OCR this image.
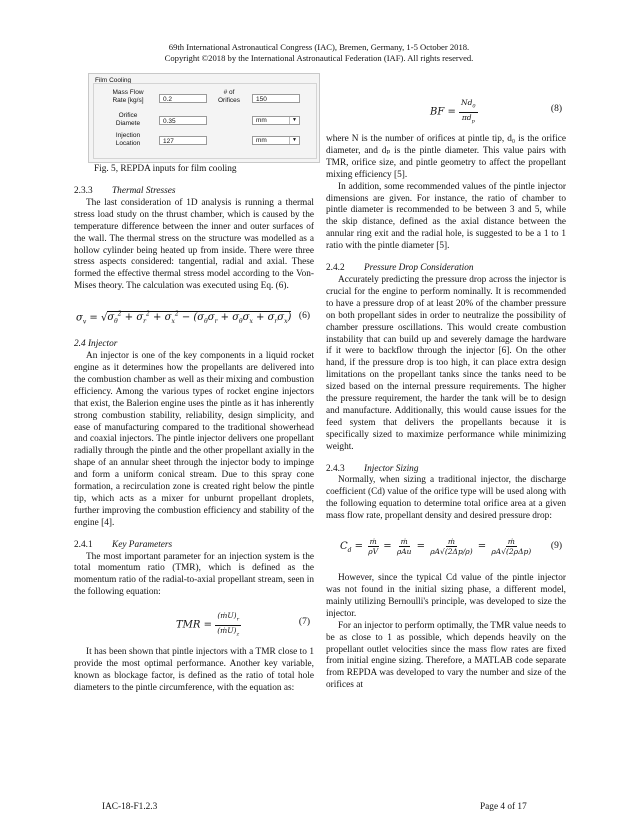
69th International Astronautical Congress (IAC), Bremen, Germany, 1-5 October 2018.
Copyright ©2018 by the International Astronautical Federation (IAF). All rights reserved.
Film Cooling
Mass Flow
Rate [kg/s]	0.2
# of
Orifices	150
Orifice
Diamete	0.35	mm	▼
Injection
Location	127	mm	▼
Fig. 5, REPDA inputs for film cooling

2.3.3 Thermal Stresses

The last consideration of 1D analysis is running a thermal stress load study on the thrust chamber, which is caused by the temperature difference between the inner and outer surfaces of the wall. The thermal stress on the structure was modelled as a hollow cylinder being heated up from inside. There were three stress aspects considered: tangential, radial and axial. These formed the effective thermal stress model according to the Von-Mises theory. The calculation was executed using Eq. (6).

$\sigma_v = √\sigma_\theta^2 + \sigma_r^2 + \sigma_x^2 - (\sigma_\theta\sigma_r + \sigma_\theta\sigma_x + \sigma_r\sigma_x)$ (6)

2.4 Injector

An injector is one of the key components in a liquid rocket engine as it determines how the propellants are delivered into the combustion chamber as well as their mixing and combustion efficiency. Among the various types of rocket engine injectors that exist, the Balerion engine uses the pintle as it has inherently strong combustion stability, reliability, design simplicity, and ease of manufacturing compared to the traditional showerhead and coaxial injectors. The pintle injector delivers one propellant radially through the pintle and the other propellant axially in the shape of an annular sheet through the injector body to impinge and form a uniform conical stream. Due to this spray cone formation, a recirculation zone is created right below the pintle tip, which acts as a mixer for unburnt propellant droplets, further improving the combustion efficiency and stability of the engine [4].

2.4.1 Key Parameters

The most important parameter for an injection system is the total momentum ratio (TMR), which is defined as the momentum ratio of the radial-to-axial propellant stream, seen in the following equation:

TMR = $\frac{(ṁU)_r}{(ṁU)_z}$	(7)

It has been shown that pintle injectors with a TMR close to 1 provide the most optimal performance. Another key variable, known as blockage factor, is defined as the ratio of total hole diameters to the pintle circumference, with the equation as:

BF = $\frac{Nd_0}{\pi d_p}$	(8)

where N is the number of orifices at pintle tip, d₀ is the orifice diameter, and dₚ is the pintle diameter. This value pairs with TMR, orifice size, and pintle geometry to affect the propellant mixing efficiency [5].

In addition, some recommended values of the pintle injector dimensions are given. For instance, the ratio of chamber to pintle diameter is recommended to be between 3 and 5, while the skip distance, defined as the axial distance between the annular ring exit and the radial hole, is suggested to be a 1 to 1 ratio with the pintle diameter [5].

2.4.2 Pressure Drop Consideration

Accurately predicting the pressure drop across the injector is crucial for the engine to perform nominally. It is recommended to have a pressure drop of at least 20% of the chamber pressure on both propellant sides in order to neutralize the possibility of chamber pressure oscillations. This would create combustion instability that can build up and severely damage the hardware if it were to backflow through the injector [6]. On the other hand, if the pressure drop is too high, it can place extra design limitations on the propellant tanks since the tanks need to be sized based on the internal pressure requirements. The higher the pressure requirement, the harder the tank will be to design and manufacture. Additionally, this would cause issues for the feed system that delivers the propellants because it is specifically sized to maximize performance while minimizing weight.

2.4.3 Injector Sizing

Normally, when sizing a traditional injector, the discharge coefficient (Cd) value of the orifice type will be used along with the following equation to determine total orifice area at a given mass flow rate, propellant density and desired pressure drop:

$C_d = \frac{\text{ṁ}}{\rho V} = \frac{\text{ṁ}}{\text{ρAu}} = \frac{\text{ṁ}}{\rho A√(2\Delta p/\rho)} = \frac{\text{ṁ}}{\text{ρA√(2ρΔp)}} (9)$

However, since the typical Cd value of the pintle injector was not found in the initial sizing phase, a different model, mainly utilizing Bernoulli's principle, was developed to size the injector.

For an injector to perform optimally, the TMR value needs to be as close to 1 as possible, which depends heavily on the propellant outlet velocities since the mass flow rates are fixed from initial engine sizing. Therefore, a MATLAB code separate from REPDA was developed to vary the number and size of the orifices at

IAC-18-F1.2.3	Page 4 of 17
